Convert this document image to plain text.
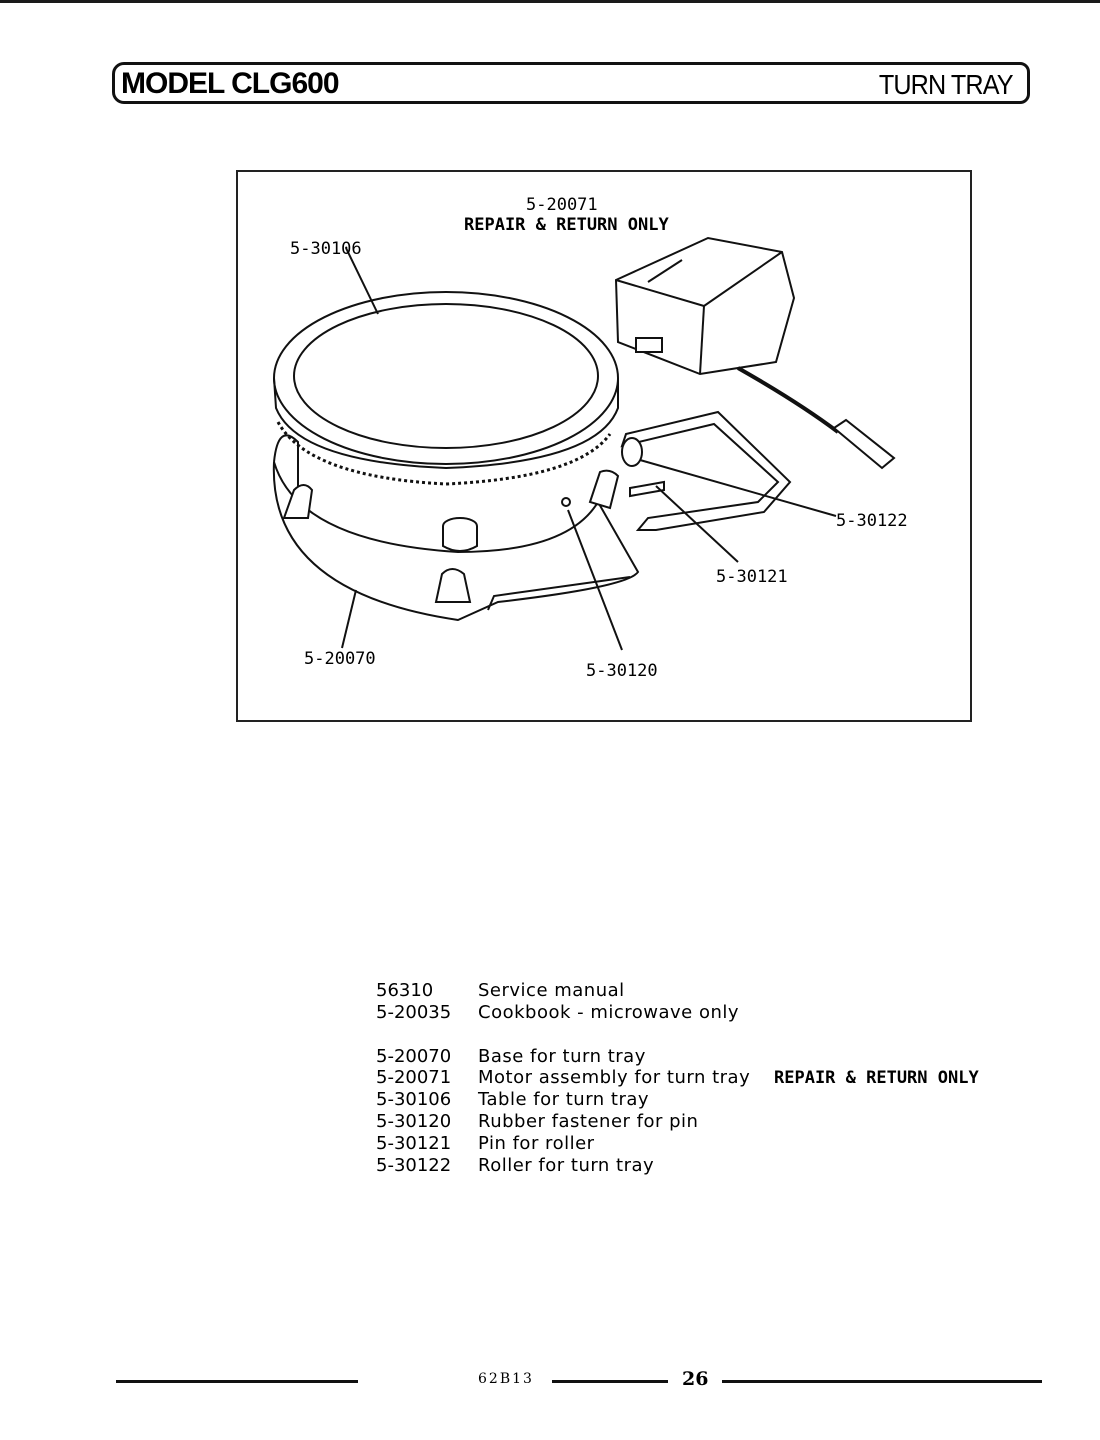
MODEL CLG600	TURN TRAY
5-20071
REPAIR & RETURN ONLY
5-30106
5-30122
5-30121
5-20070
5-30120
56310 Service manual
5-20035 Cookbook - microwave only
5-20070 Base for turn tray
5-20071 Motor assembly for turn tray REPAIR & RETURN ONLY
5-30106 Table for turn tray
5-30120 Rubber fastener for pin
5-30121 Pin for roller
5-30122 Roller for turn tray
62B13	26
